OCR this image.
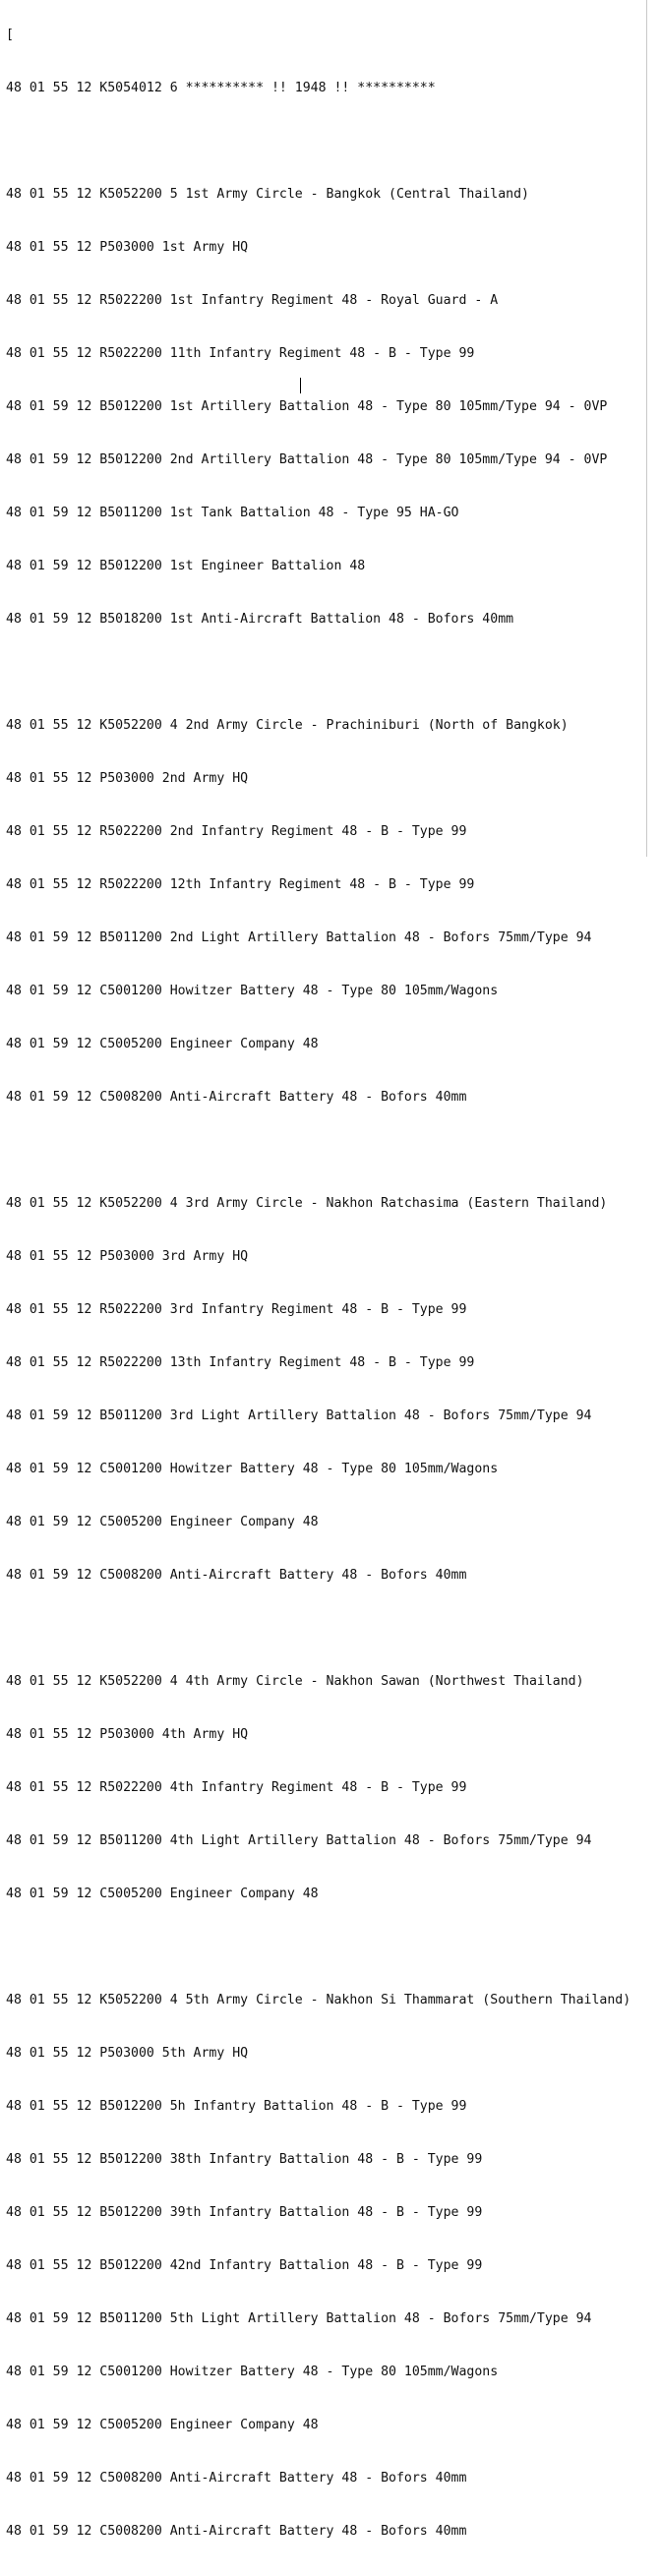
[

48 01 55 12 K5054012 6 ********** !! 1948 !! **********

48 01 55 12 K5052200 5 1st Army Circle - Bangkok (Central Thailand)

48 01 55 12 P503000 1st Army HQ

48 01 55 12 R5022200 1st Infantry Regiment 48 - Royal Guard - A

48 01 55 12 R5022200 11th Infantry Regiment 48 - B - Type 99

48 01 59 12 B5012200 1st Artillery Battalion 48 - Type 80 105mm/Type 94 - 0VP

48 01 59 12 B5012200 2nd Artillery Battalion 48 - Type 80 105mm/Type 94 - 0VP

48 01 59 12 B5011200 1st Tank Battalion 48 - Type 95 HA-GO

48 01 59 12 B5012200 1st Engineer Battalion 48

48 01 59 12 B5018200 1st Anti-Aircraft Battalion 48 - Bofors 40mm

48 01 55 12 K5052200 4 2nd Army Circle - Prachiniburi (North of Bangkok)

48 01 55 12 P503000 2nd Army HQ

48 01 55 12 R5022200 2nd Infantry Regiment 48 - B - Type 99

48 01 55 12 R5022200 12th Infantry Regiment 48 - B - Type 99

48 01 59 12 B5011200 2nd Light Artillery Battalion 48 - Bofors 75mm/Type 94

48 01 59 12 C5001200 Howitzer Battery 48 - Type 80 105mm/Wagons

48 01 59 12 C5005200 Engineer Company 48

48 01 59 12 C5008200 Anti-Aircraft Battery 48 - Bofors 40mm

48 01 55 12 K5052200 4 3rd Army Circle - Nakhon Ratchasima (Eastern Thailand)

48 01 55 12 P503000 3rd Army HQ

48 01 55 12 R5022200 3rd Infantry Regiment 48 - B - Type 99

48 01 55 12 R5022200 13th Infantry Regiment 48 - B - Type 99

48 01 59 12 B5011200 3rd Light Artillery Battalion 48 - Bofors 75mm/Type 94

48 01 59 12 C5001200 Howitzer Battery 48 - Type 80 105mm/Wagons

48 01 59 12 C5005200 Engineer Company 48

48 01 59 12 C5008200 Anti-Aircraft Battery 48 - Bofors 40mm

48 01 55 12 K5052200 4 4th Army Circle - Nakhon Sawan (Northwest Thailand)

48 01 55 12 P503000 4th Army HQ

48 01 55 12 R5022200 4th Infantry Regiment 48 - B - Type 99

48 01 59 12 B5011200 4th Light Artillery Battalion 48 - Bofors 75mm/Type 94

48 01 59 12 C5005200 Engineer Company 48

48 01 55 12 K5052200 4 5th Army Circle - Nakhon Si Thammarat (Southern Thailand)

48 01 55 12 P503000 5th Army HQ

48 01 55 12 B5012200 5h Infantry Battalion 48 - B - Type 99

48 01 55 12 B5012200 38th Infantry Battalion 48 - B - Type 99

48 01 55 12 B5012200 39th Infantry Battalion 48 - B - Type 99

48 01 55 12 B5012200 42nd Infantry Battalion 48 - B - Type 99

48 01 59 12 B5011200 5th Light Artillery Battalion 48 - Bofors 75mm/Type 94

48 01 59 12 C5001200 Howitzer Battery 48 - Type 80 105mm/Wagons

48 01 59 12 C5005200 Engineer Company 48

48 01 59 12 C5008200 Anti-Aircraft Battery 48 - Bofors 40mm

48 01 59 12 C5008200 Anti-Aircraft Battery 48 - Bofors 40mm
